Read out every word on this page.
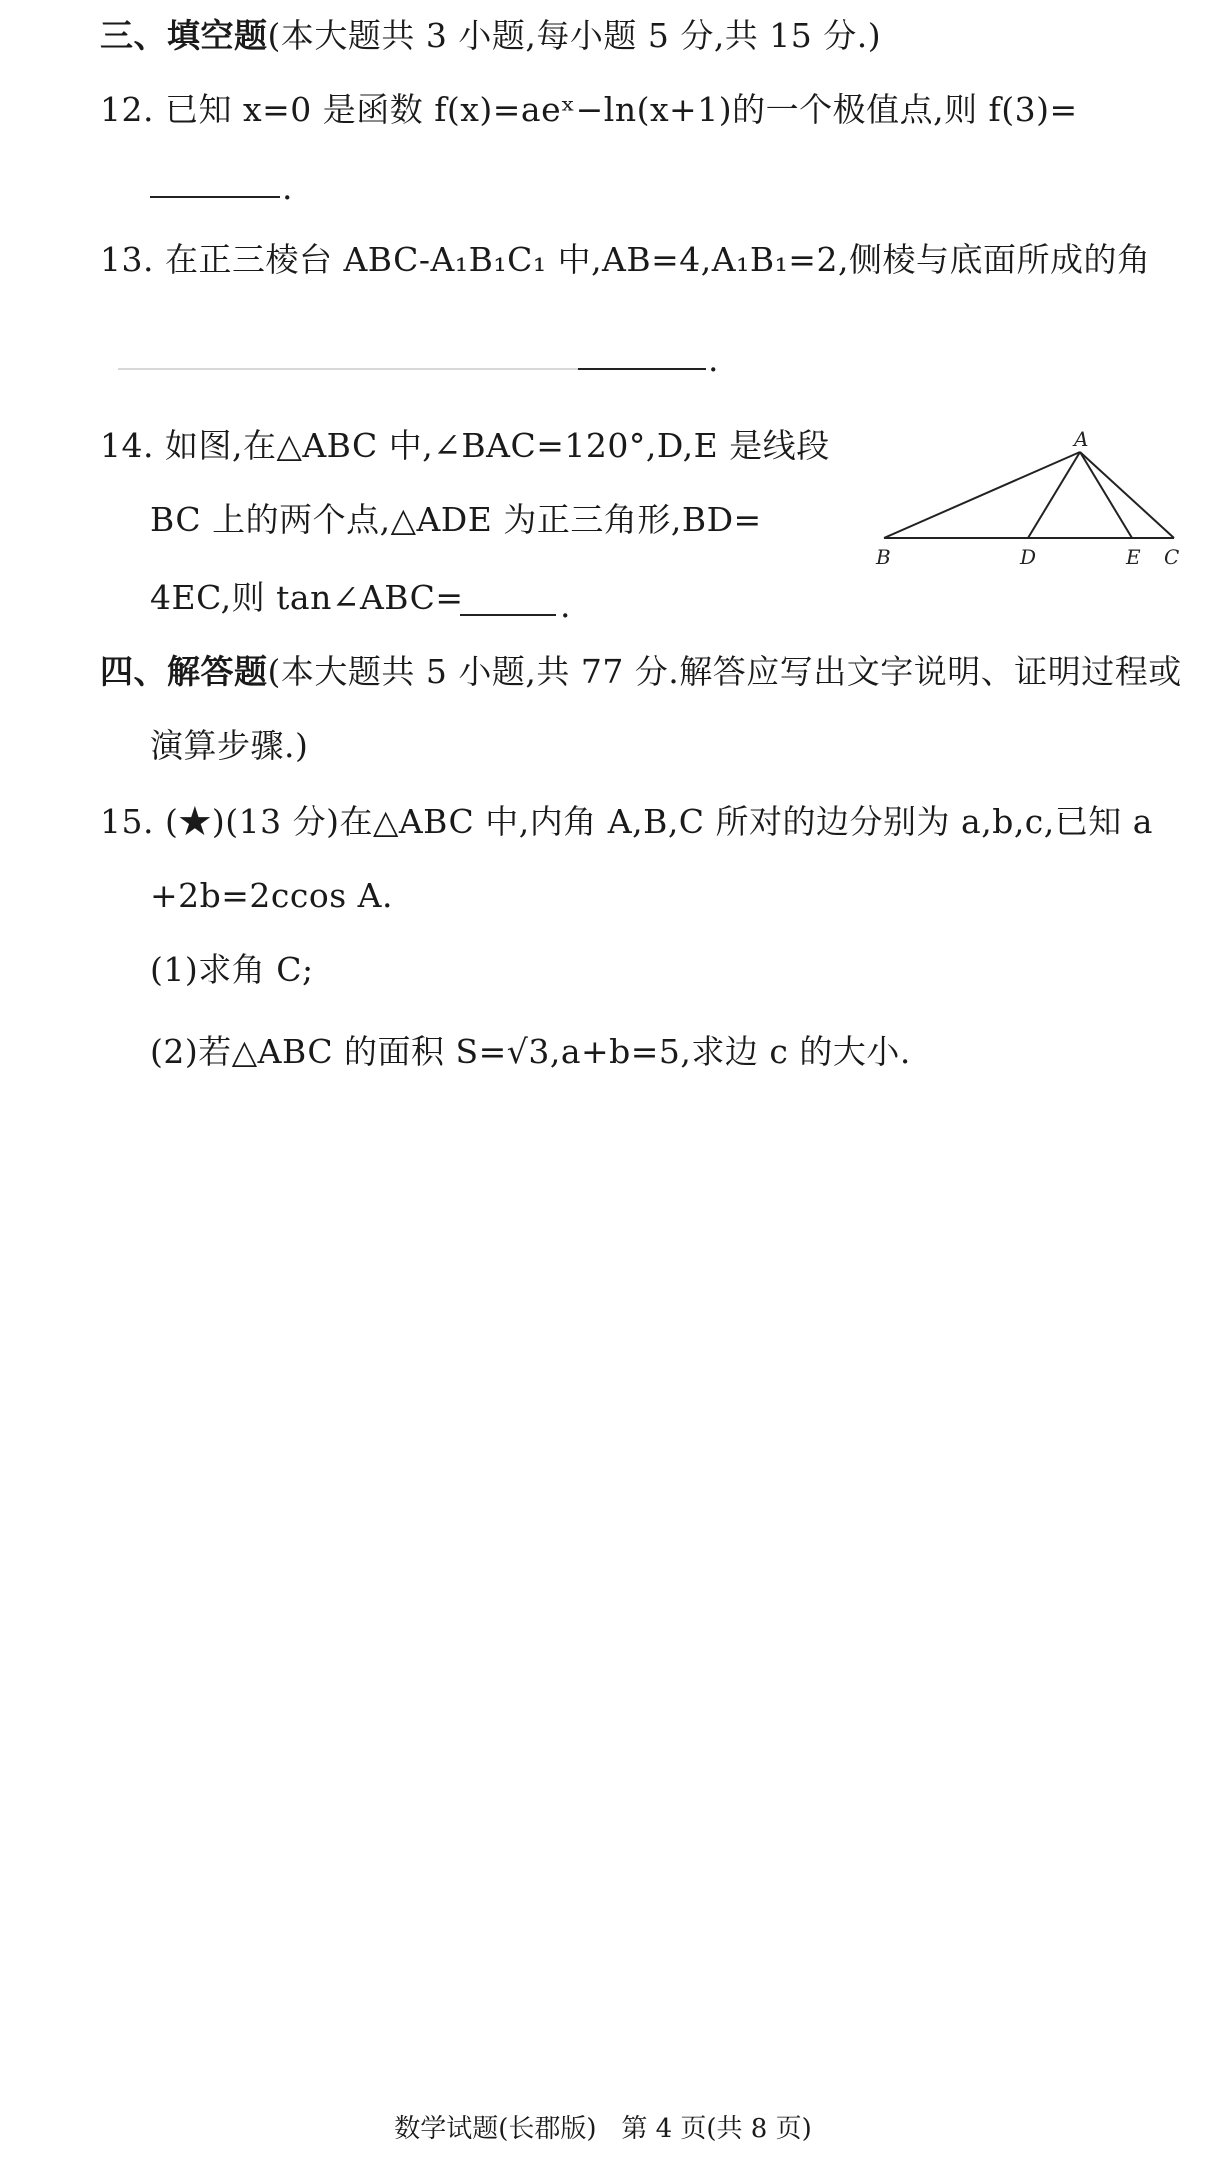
三、填空题(本大题共 3 小题,每小题 5 分,共 15 分.)
12. 已知 x=0 是函数 f(x)=aeˣ−ln(x+1)的一个极值点,则 f(3)=
.
13. 在正三棱台 ABC-A₁B₁C₁ 中,AB=4,A₁B₁=2,侧棱与底面所成的角
.
14. 如图,在△ABC 中,∠BAC=120°,D,E 是线段
BC 上的两个点,△ADE 为正三角形,BD=
4EC,则 tan∠ABC=	.
A
B	D	E C
四、解答题(本大题共 5 小题,共 77 分.解答应写出文字说明、证明过程或
演算步骤.)
15. (★)(13 分)在△ABC 中,内角 A,B,C 所对的边分别为 a,b,c,已知 a
+2b=2ccos A.
(1)求角 C;
(2)若△ABC 的面积 S=√3,a+b=5,求边 c 的大小.
数学试题(长郡版)   第 4 页(共 8 页)
